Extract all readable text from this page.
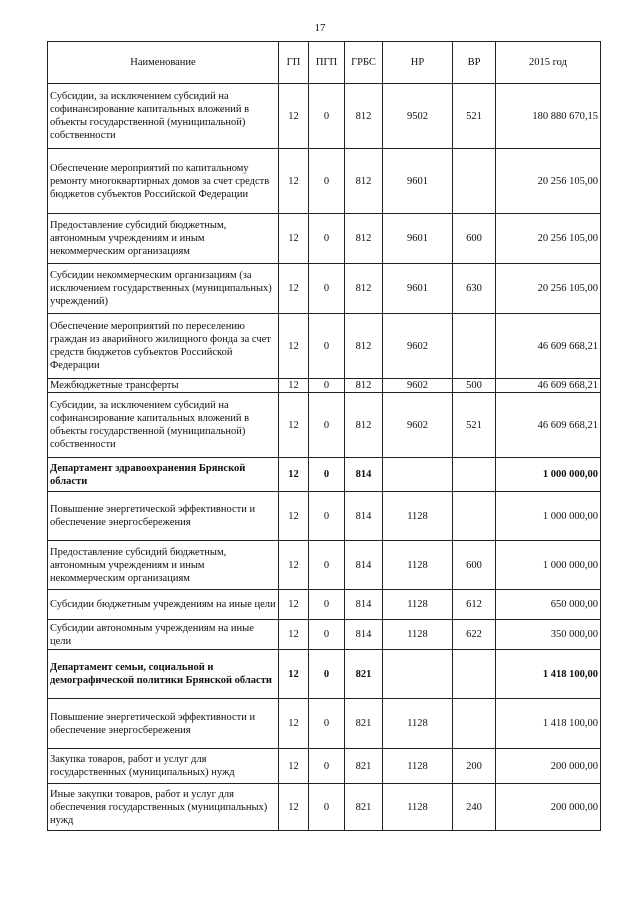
17
Наименование	ГП	ПГП	ГРБС	НР	ВР	2015 год
Субсидии, за исключением субсидий на софинансирование капитальных вложений в объекты государственной (муниципальной) собственности	12	0	812	9502	521	180 880 670,15
Обеспечение мероприятий по капитальному ремонту многоквартирных домов за счет средств бюджетов субъектов Российской Федерации	12	0	812	9601		20 256 105,00
Предоставление субсидий бюджетным, автономным учреждениям и иным некоммерческим организациям	12	0	812	9601	600	20 256 105,00
Субсидии некоммерческим организациям (за исключением государственных (муниципальных) учреждений)	12	0	812	9601	630	20 256 105,00
Обеспечение мероприятий по переселению граждан из аварийного жилищного фонда за счет средств бюджетов субъектов Российской Федерации	12	0	812	9602		46 609 668,21
Межбюджетные трансферты	12	0	812	9602	500	46 609 668,21
Субсидии, за исключением субсидий на софинансирование капитальных вложений в объекты государственной (муниципальной) собственности	12	0	812	9602	521	46 609 668,21
Департамент здравоохранения Брянской области	12	0	814			1 000 000,00
Повышение энергетической эффективности и обеспечение энергосбережения	12	0	814	1128		1 000 000,00
Предоставление субсидий бюджетным, автономным учреждениям и иным некоммерческим организациям	12	0	814	1128	600	1 000 000,00
Субсидии бюджетным учреждениям на иные цели	12	0	814	1128	612	650 000,00
Субсидии автономным учреждениям на иные цели	12	0	814	1128	622	350 000,00
Департамент семьи, социальной и демографической политики Брянской области	12	0	821			1 418 100,00
Повышение энергетической эффективности и обеспечение энергосбережения	12	0	821	1128		1 418 100,00
Закупка товаров, работ и услуг для государственных (муниципальных) нужд	12	0	821	1128	200	200 000,00
Иные закупки товаров, работ и услуг для обеспечения государственных (муниципальных) нужд	12	0	821	1128	240	200 000,00
